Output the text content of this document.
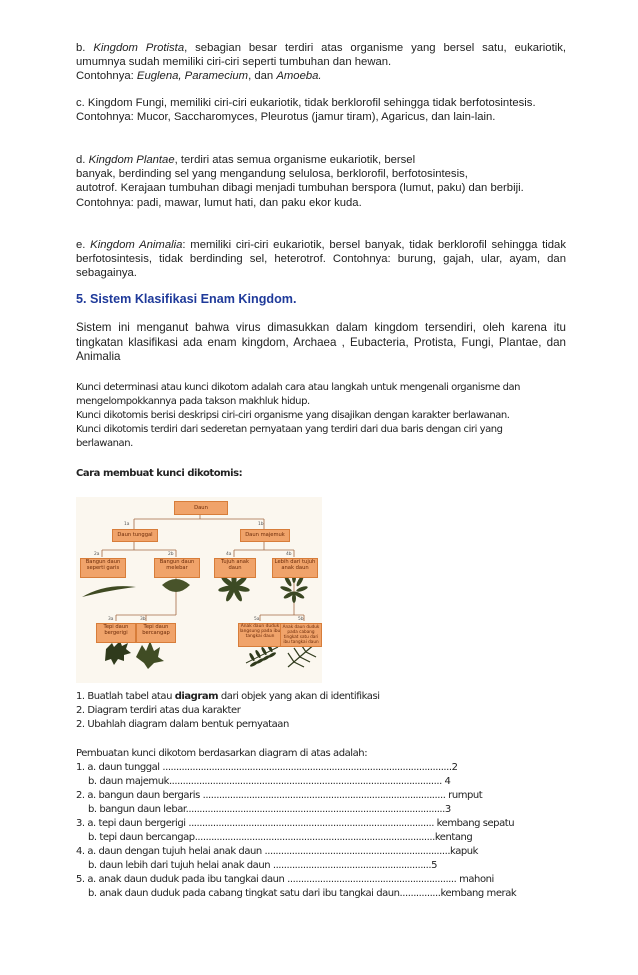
b. Kingdom Protista, sebagian besar terdiri atas organisme yang bersel satu, eukariotik, umumnya sudah memiliki ciri-ciri seperti tumbuhan dan hewan.
Contohnya: Euglena, Paramecium, dan Amoeba.
c. Kingdom Fungi, memiliki ciri-ciri eukariotik, tidak berklorofil sehingga tidak berfotosintesis.
Contohnya: Mucor, Saccharomyces, Pleurotus (jamur tiram), Agaricus, dan lain-lain.
d. Kingdom Plantae, terdiri atas semua organisme eukariotik, bersel
banyak, berdinding sel yang mengandung selulosa, berklorofil, berfotosintesis,

autotrof. Kerajaan tumbuhan dibagi menjadi tumbuhan berspora (lumut, paku) dan berbiji.
Contohnya: padi, mawar, lumut hati, dan paku ekor kuda.
e. Kingdom Animalia: memiliki ciri-ciri eukariotik, bersel banyak, tidak berklorofil sehingga tidak berfotosintesis, tidak berdinding sel, heterotrof. Contohnya: burung, gajah, ular, ayam, dan sebagainya.
5. Sistem Klasifikasi Enam Kingdom.
Sistem ini menganut bahwa virus dimasukkan dalam kingdom tersendiri, oleh karena itu tingkatan klasifikasi ada enam kingdom, Archaea , Eubacteria, Protista, Fungi, Plantae, dan Animalia
Kunci determinasi atau kunci dikotom adalah cara atau langkah untuk mengenali organisme dan
mengelompokkannya pada takson makhluk hidup.
Kunci dikotomis berisi deskripsi ciri-ciri organisme yang disajikan dengan karakter berlawanan.
Kunci dikotomis terdiri dari sederetan pernyataan yang terdiri dari dua baris dengan ciri yang
berlawanan.
Cara membuat kunci dikotomis:
Daun
1a
Daun tunggal
1b
Daun majemuk
2a
Bangun daun seperti garis
2b
Bangun daun melebar
4a
Tujuh anak daun
4b
Lebih dari tujuh anak daun
3a
Tepi daun bergerigi
3b
Tepi daun bercangap
5a
Anak daun duduk langsung pada ibu tangkai daun
5b
Anak daun duduk pada cabang tingkat satu dari ibu tangkai daun
1. Buatlah tabel atau diagram dari objek yang akan di identifikasi
2. Diagram terdiri atas dua karakter
2. Ubahlah diagram dalam bentuk pernyataan
Pembuatan kunci dikotom berdasarkan diagram di atas adalah:
1. a. daun tunggal ..........................................................................................................2
b. daun majemuk.................................................................................................... 4
2. a. bangun daun bergaris ......................................................................................... rumput
b. bangun daun lebar...............................................................................................3
3. a. tepi daun bergerigi .......................................................................................... kembang sepatu
b. tepi daun bercangap........................................................................................kentang
4. a. daun dengan tujuh helai anak daun ....................................................................kapuk
b. daun lebih dari tujuh helai anak daun ..........................................................5
5. a. anak daun duduk pada ibu tangkai daun .............................................................. mahoni
b. anak daun duduk pada cabang tingkat satu dari ibu tangkai daun...............kembang merak
